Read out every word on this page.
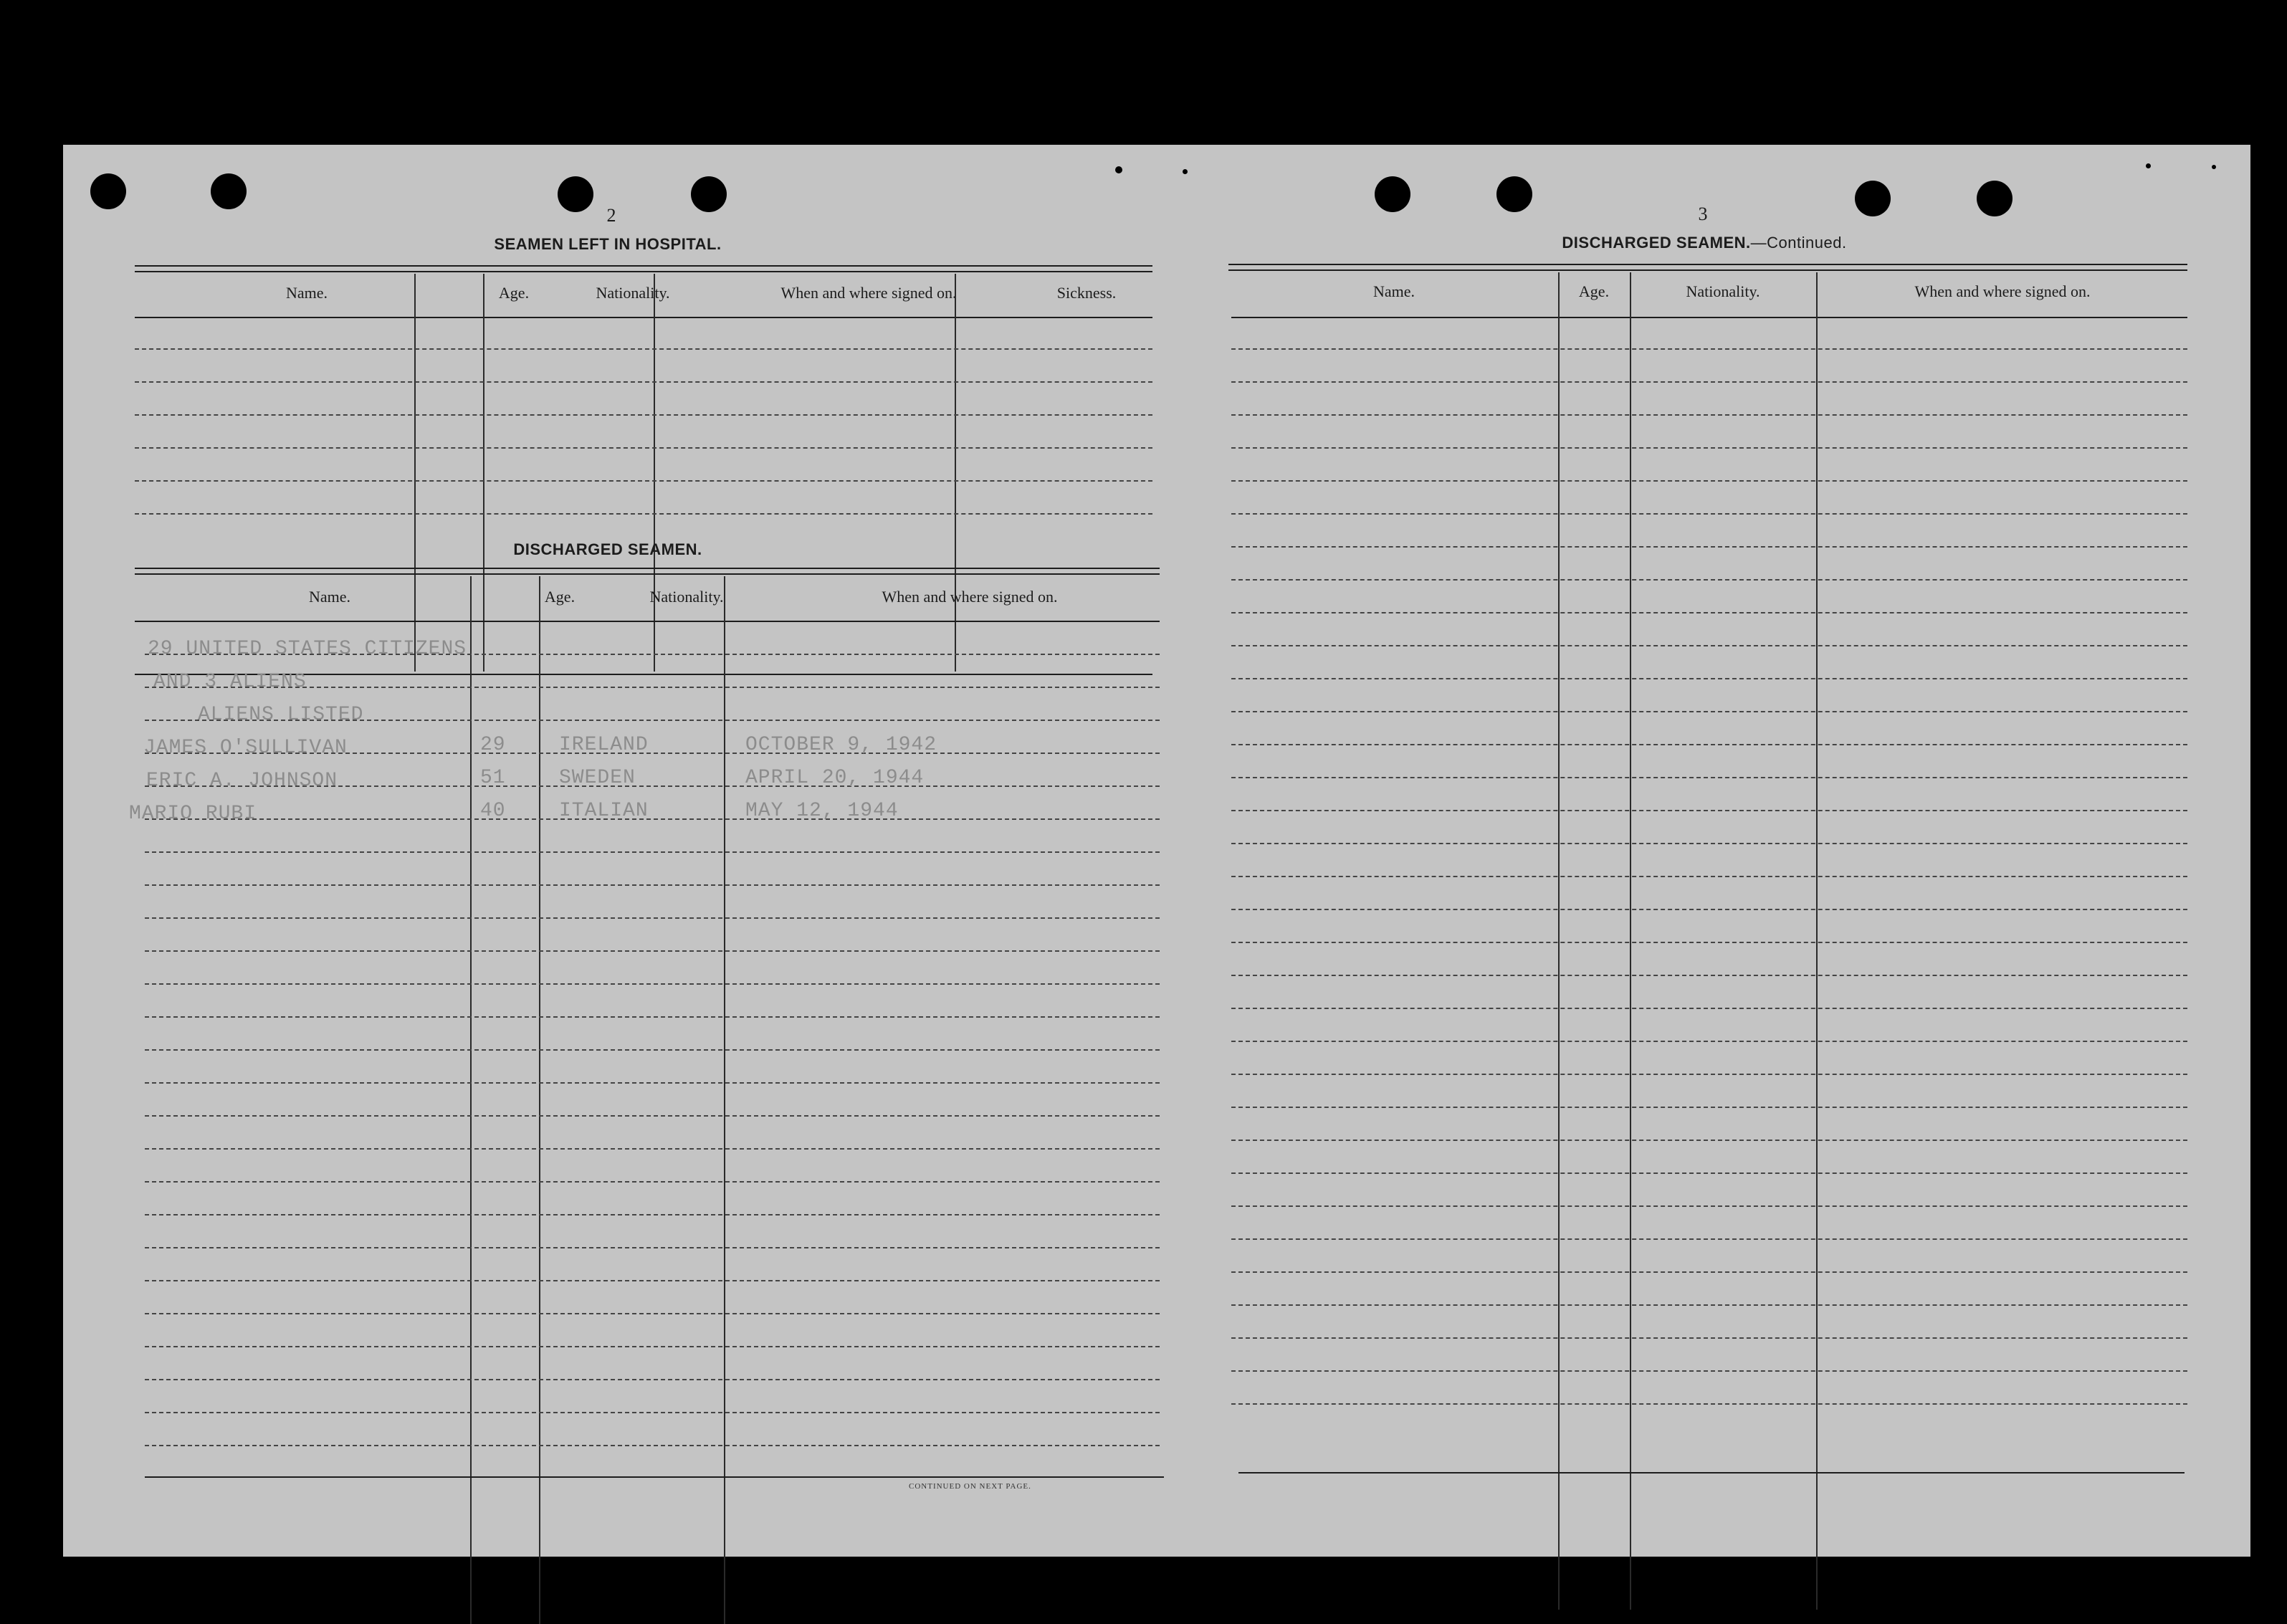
2
SEAMEN LEFT IN HOSPITAL.
Name.	Age.	Nationality.	When and where signed on.	Sickness.
DISCHARGED SEAMEN.
Name.	Age.	Nationality.	When and where signed on.
29 UNITED STATES CITIZENS
AND 3 ALIENS
ALIENS LISTED
JAMES O'SULLIVAN	29	IRELAND	OCTOBER 9, 1942
ERIC A. JOHNSON	51	SWEDEN	APRIL 20, 1944
MARIO RUBI	40	ITALIAN	MAY 12, 1944
CONTINUED ON NEXT PAGE.
3
DISCHARGED SEAMEN.—Continued.
Name.	Age.	Nationality.	When and where signed on.
